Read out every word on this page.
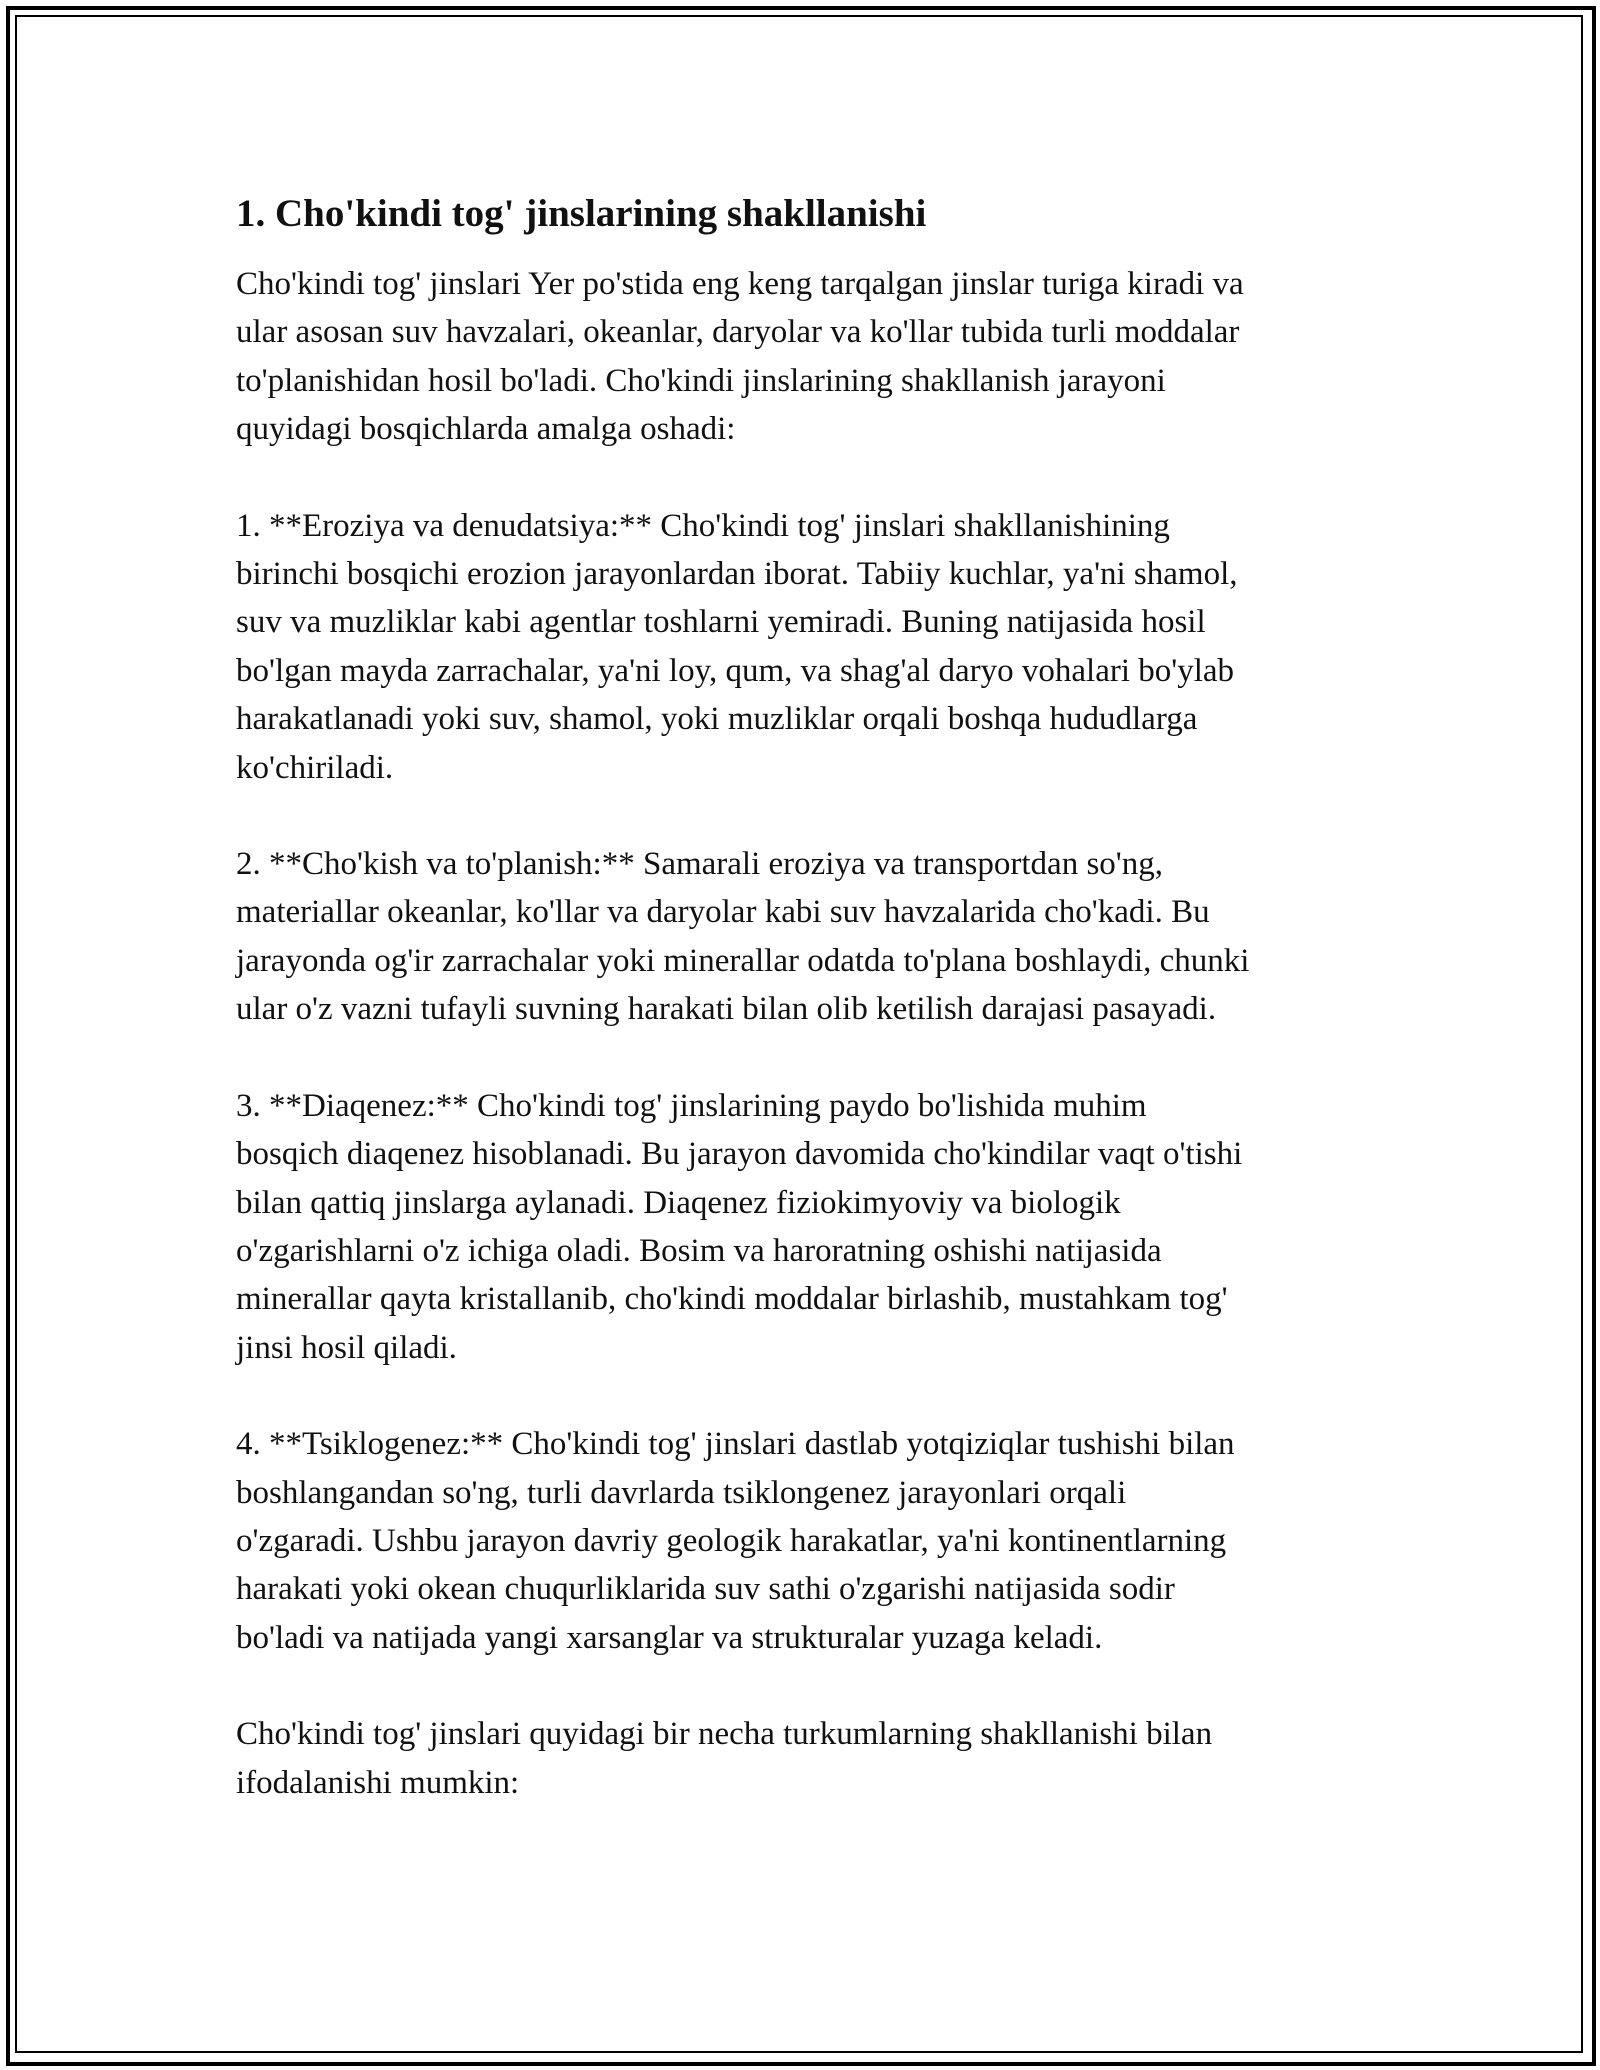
1. Cho'kindi tog' jinslarining shakllanishi

Cho'kindi tog' jinslari Yer po'stida eng keng tarqalgan jinslar turiga kiradi va
ular asosan suv havzalari, okeanlar, daryolar va ko'llar tubida turli moddalar
to'planishidan hosil bo'ladi. Cho'kindi jinslarining shakllanish jarayoni
quyidagi bosqichlarda amalga oshadi:

1. **Eroziya va denudatsiya:** Cho'kindi tog' jinslari shakllanishining
birinchi bosqichi erozion jarayonlardan iborat. Tabiiy kuchlar, ya'ni shamol,
suv va muzliklar kabi agentlar toshlarni yemiradi. Buning natijasida hosil
bo'lgan mayda zarrachalar, ya'ni loy, qum, va shag'al daryo vohalari bo'ylab
harakatlanadi yoki suv, shamol, yoki muzliklar orqali boshqa hududlarga
ko'chiriladi.

2. **Cho'kish va to'planish:** Samarali eroziya va transportdan so'ng,
materiallar okeanlar, ko'llar va daryolar kabi suv havzalarida cho'kadi. Bu
jarayonda og'ir zarrachalar yoki minerallar odatda to'plana boshlaydi, chunki
ular o'z vazni tufayli suvning harakati bilan olib ketilish darajasi pasayadi.

3. **Diaqenez:** Cho'kindi tog' jinslarining paydo bo'lishida muhim
bosqich diaqenez hisoblanadi. Bu jarayon davomida cho'kindilar vaqt o'tishi
bilan qattiq jinslarga aylanadi. Diaqenez fiziokimyoviy va biologik
o'zgarishlarni o'z ichiga oladi. Bosim va haroratning oshishi natijasida
minerallar qayta kristallanib, cho'kindi moddalar birlashib, mustahkam tog'
jinsi hosil qiladi.

4. **Tsiklogenez:** Cho'kindi tog' jinslari dastlab yotqiziqlar tushishi bilan
boshlangandan so'ng, turli davrlarda tsiklongenez jarayonlari orqali
o'zgaradi. Ushbu jarayon davriy geologik harakatlar, ya'ni kontinentlarning
harakati yoki okean chuqurliklarida suv sathi o'zgarishi natijasida sodir
bo'ladi va natijada yangi xarsanglar va strukturalar yuzaga keladi.

Cho'kindi tog' jinslari quyidagi bir necha turkumlarning shakllanishi bilan
ifodalanishi mumkin:
